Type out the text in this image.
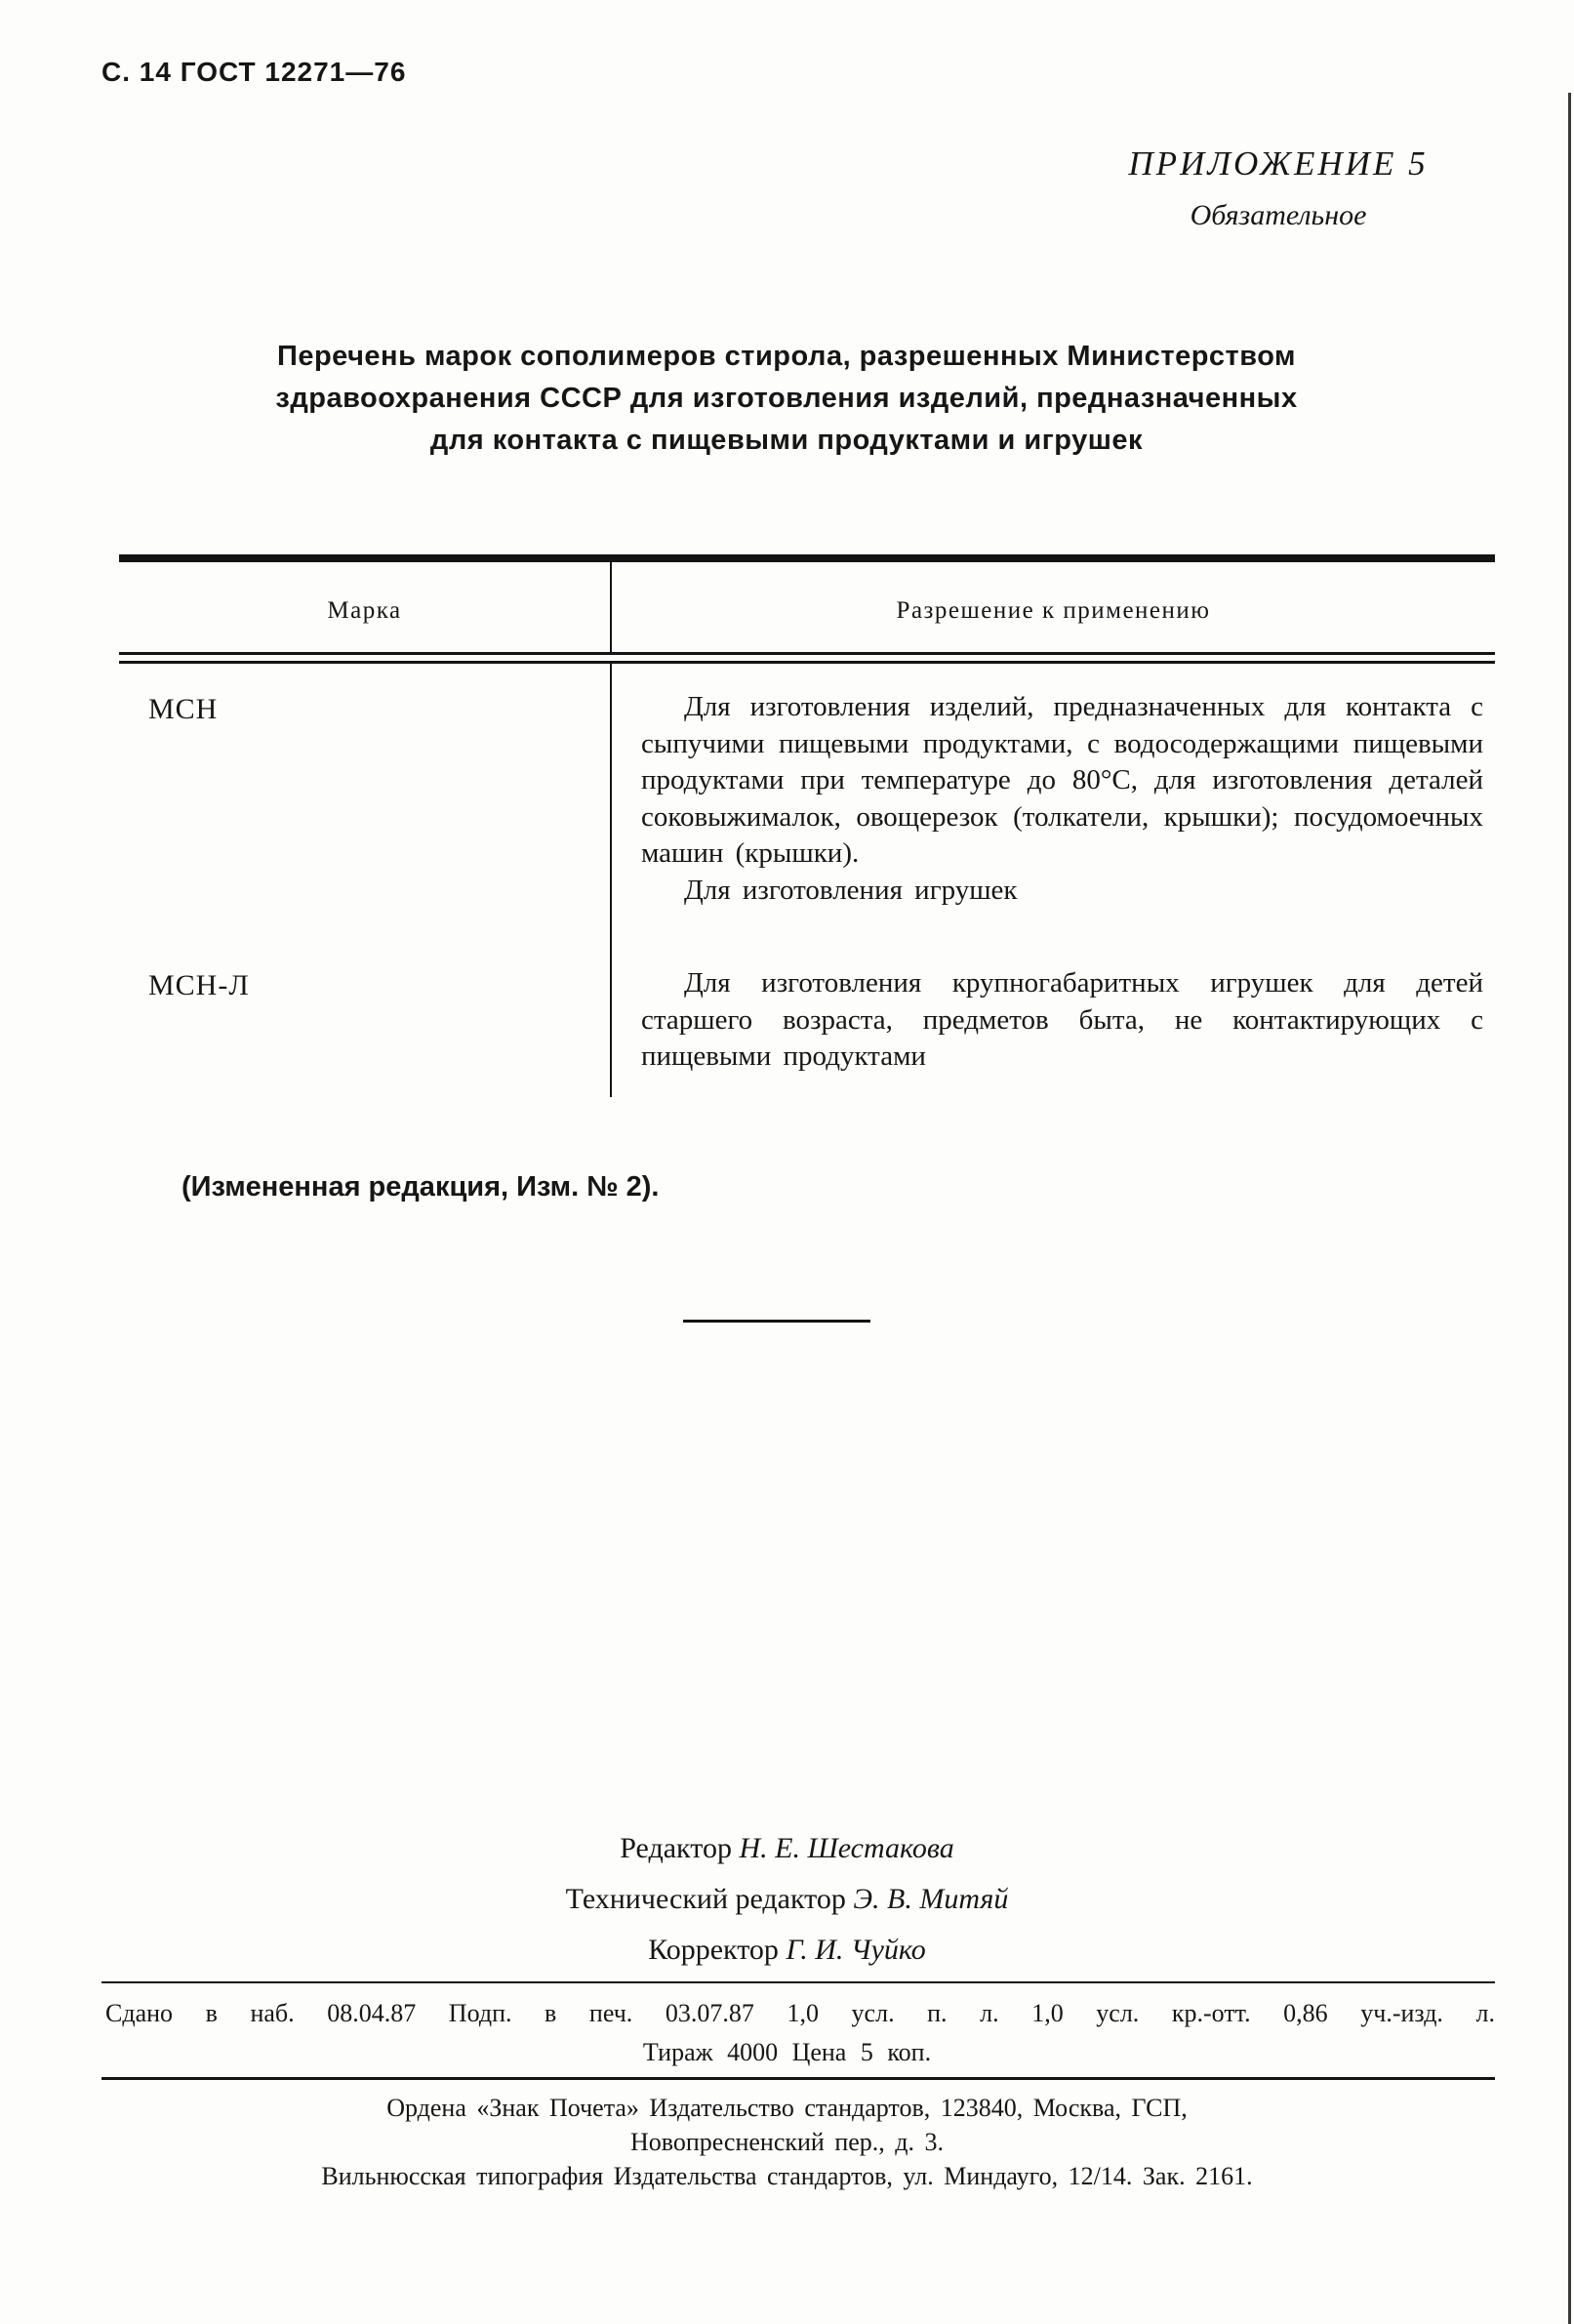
С. 14 ГОСТ 12271—76
ПРИЛОЖЕНИЕ 5
Обязательное
Перечень марок сополимеров стирола, разрешенных Министерством
здравоохранения СССР для изготовления изделий, предназначенных
для контакта с пищевыми продуктами и игрушек
Марка	Разрешение к применению
МСН	Для изготовления изделий, предназначенных для контакта с сыпучими пищевыми продуктами, с водосодержащими пищевыми продуктами при температуре до 80°С, для изготовления деталей соковыжималок, овощерезок (толкатели, крышки); посудомоечных машин (крышки).

Для изготовления игрушек

МСН-Л	Для изготовления крупногабаритных игрушек для детей старшего возраста, предметов быта, не контактирующих с пищевыми продуктами

(Измененная редакция, Изм. № 2).
Редактор Н. Е. Шестакова
Технический редактор Э. В. Митяй
Корректор Г. И. Чуйко
Сдано в наб. 08.04.87 Подп. в печ. 03.07.87 1,0 усл. п. л. 1,0 усл. кр.-отт. 0,86 уч.-изд. л.
Тираж 4000 Цена 5 коп.
Ордена «Знак Почета» Издательство стандартов, 123840, Москва, ГСП,
Новопресненский пер., д. 3.
Вильнюсская типография Издательства стандартов, ул. Миндауго, 12/14. Зак. 2161.
